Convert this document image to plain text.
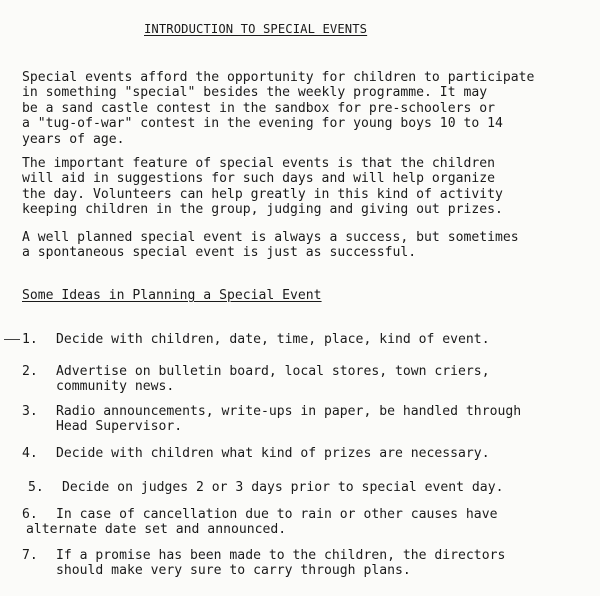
INTRODUCTION TO SPECIAL EVENTS

Special events afford the opportunity for children to participate
in something "special" besides the weekly programme. It may
be a sand castle contest in the sandbox for pre-schoolers or
a "tug-of-war" contest in the evening for young boys 10 to 14
years of age.

The important feature of special events is that the children
will aid in suggestions for such days and will help organize
the day. Volunteers can help greatly in this kind of activity
keeping children in the group, judging and giving out prizes.

A well planned special event is always a success, but sometimes
a spontaneous special event is just as successful.

Some Ideas in Planning a Special Event
1. Decide with children, date, time, place, kind of event.
2. Advertise on bulletin board, local stores, town criers,
community news.
3. Radio announcements, write-ups in paper, be handled through
Head Supervisor.
4. Decide with children what kind of prizes are necessary.
5. Decide on judges 2 or 3 days prior to special event day.
6. In case of cancellation due to rain or other causes have
alternate date set and announced.
7. If a promise has been made to the children, the directors
should make very sure to carry through plans.
